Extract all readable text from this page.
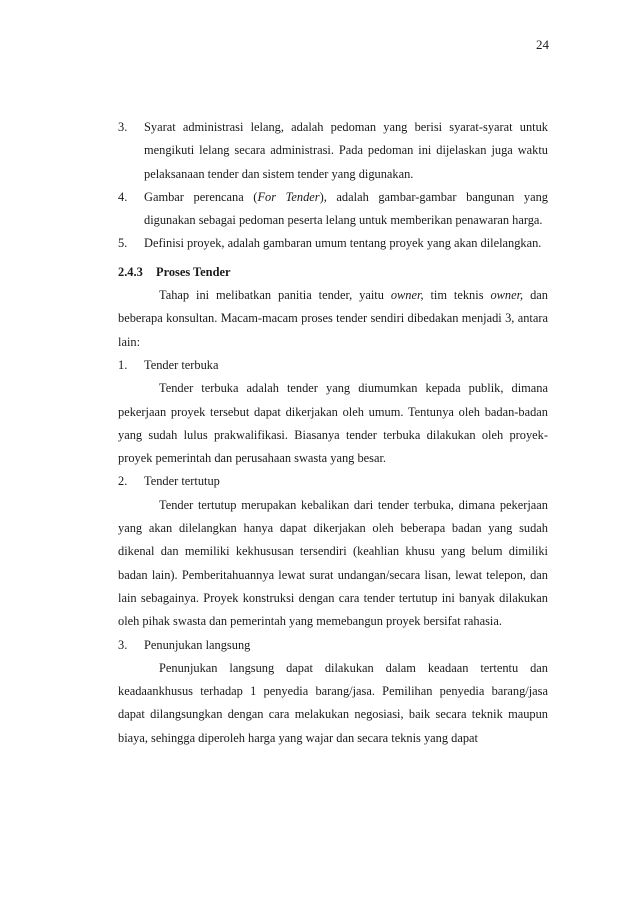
24
3. Syarat administrasi lelang, adalah pedoman yang berisi syarat-syarat untuk mengikuti lelang secara administrasi. Pada pedoman ini dijelaskan juga waktu pelaksanaan tender dan sistem tender yang digunakan.
4. Gambar perencana (For Tender), adalah gambar-gambar bangunan yang digunakan sebagai pedoman peserta lelang untuk memberikan penawaran harga.
5. Definisi proyek, adalah gambaran umum tentang proyek yang akan dilelangkan.
2.4.3 Proses Tender
Tahap ini melibatkan panitia tender, yaitu owner, tim teknis owner, dan beberapa konsultan. Macam-macam proses tender sendiri dibedakan menjadi 3, antara lain:
1. Tender terbuka
Tender terbuka adalah tender yang diumumkan kepada publik, dimana pekerjaan proyek tersebut dapat dikerjakan oleh umum. Tentunya oleh badan-badan yang sudah lulus prakwalifikasi. Biasanya tender terbuka dilakukan oleh proyek-proyek pemerintah dan perusahaan swasta yang besar.
2. Tender tertutup
Tender tertutup merupakan kebalikan dari tender terbuka, dimana pekerjaan yang akan dilelangkan hanya dapat dikerjakan oleh beberapa badan yang sudah dikenal dan memiliki kekhususan tersendiri (keahlian khusu yang belum dimiliki badan lain). Pemberitahuannya lewat surat undangan/secara lisan, lewat telepon, dan lain sebagainya. Proyek konstruksi dengan cara tender tertutup ini banyak dilakukan oleh pihak swasta dan pemerintah yang memebangun proyek bersifat rahasia.
3. Penunjukan langsung
Penunjukan langsung dapat dilakukan dalam keadaan tertentu dan keadaankhusus terhadap 1 penyedia barang/jasa. Pemilihan penyedia barang/jasa dapat dilangsungkan dengan cara melakukan negosiasi, baik secara teknik maupun biaya, sehingga diperoleh harga yang wajar dan secara teknis yang dapat
